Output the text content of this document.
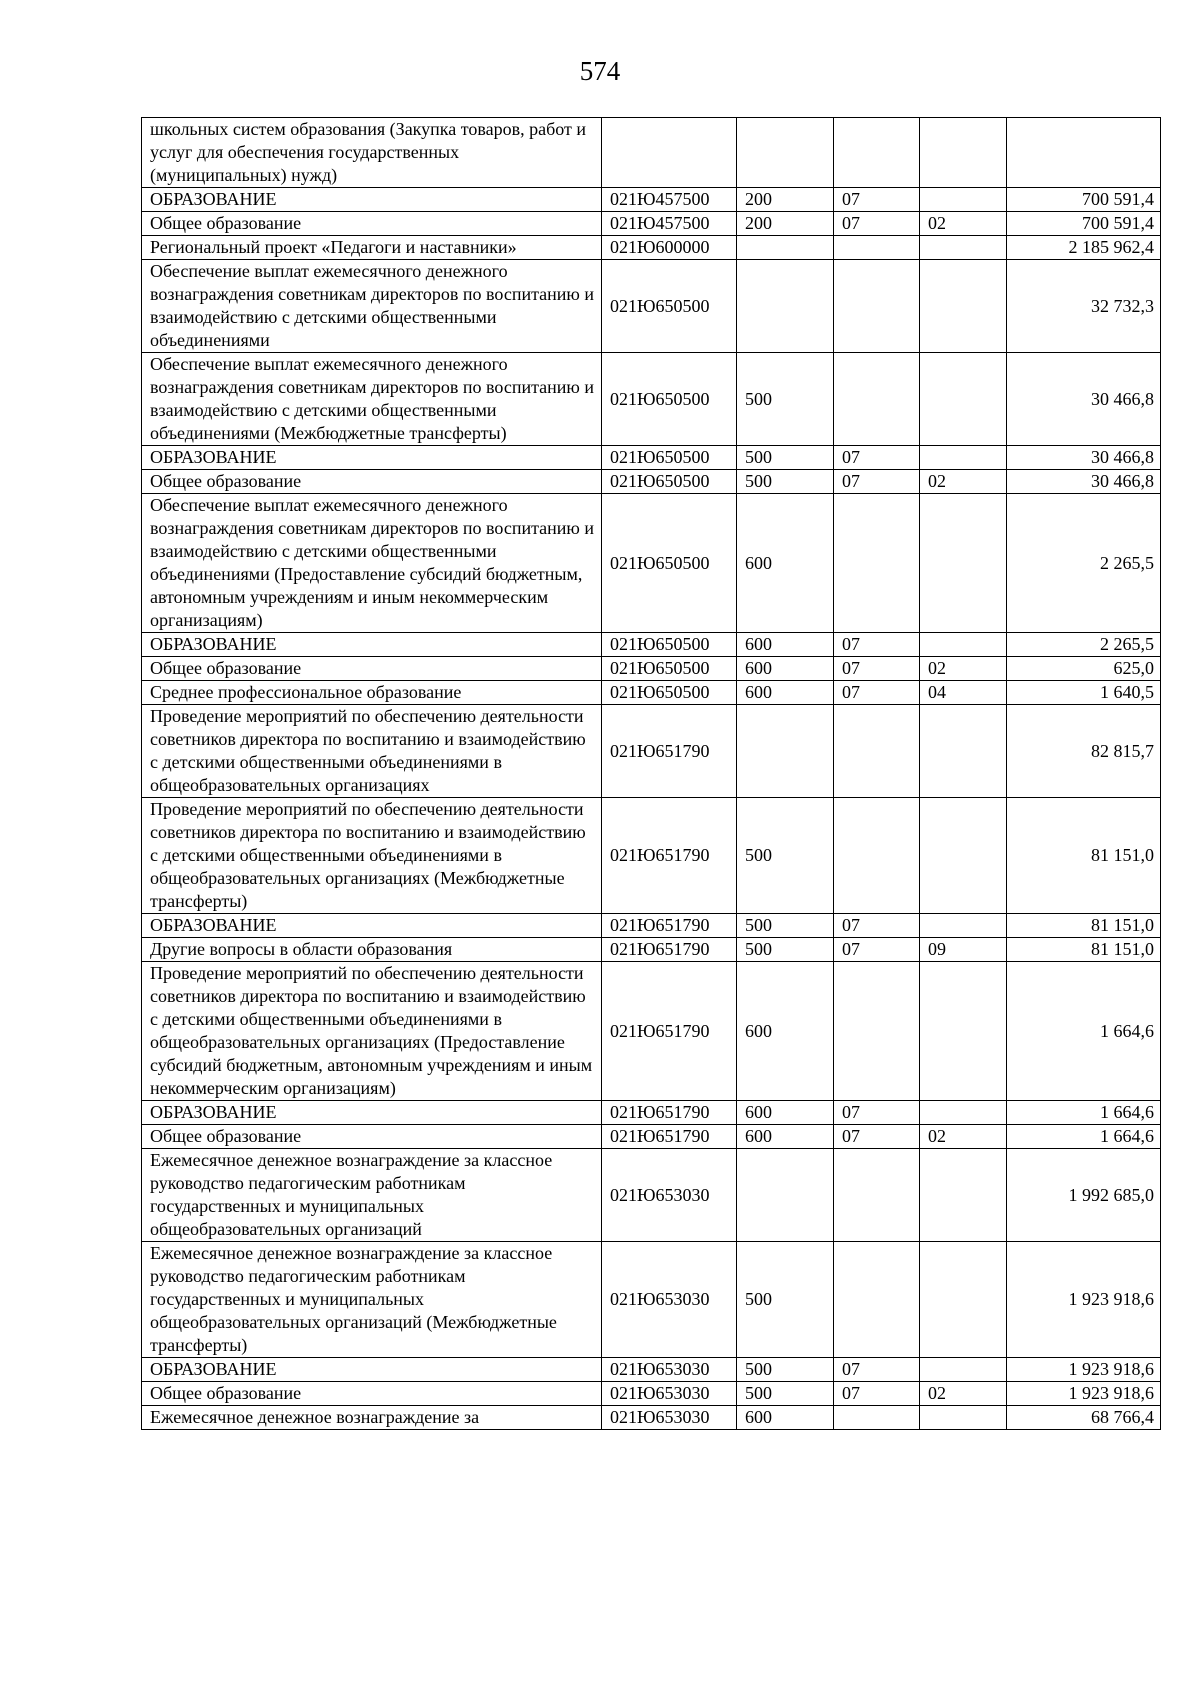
574
школьных систем образования (Закупка товаров, работ и услуг для обеспечения государственных (муниципальных) нужд)					
ОБРАЗОВАНИЕ	021Ю457500	200	07		700 591,4
Общее образование	021Ю457500	200	07	02	700 591,4
Региональный проект «Педагоги и наставники»	021Ю600000				2 185 962,4
Обеспечение выплат ежемесячного денежного вознаграждения советникам директоров по воспитанию и взаимодействию с детскими общественными объединениями	021Ю650500				32 732,3
Обеспечение выплат ежемесячного денежного вознаграждения советникам директоров по воспитанию и взаимодействию с детскими общественными объединениями (Межбюджетные трансферты)	021Ю650500	500			30 466,8
ОБРАЗОВАНИЕ	021Ю650500	500	07		30 466,8
Общее образование	021Ю650500	500	07	02	30 466,8
Обеспечение выплат ежемесячного денежного вознаграждения советникам директоров по воспитанию и взаимодействию с детскими общественными объединениями (Предоставление субсидий бюджетным, автономным учреждениям и иным некоммерческим организациям)	021Ю650500	600			2 265,5
ОБРАЗОВАНИЕ	021Ю650500	600	07		2 265,5
Общее образование	021Ю650500	600	07	02	625,0
Среднее профессиональное образование	021Ю650500	600	07	04	1 640,5
Проведение мероприятий по обеспечению деятельности советников директора по воспитанию и взаимодействию с детскими общественными объединениями в общеобразовательных организациях	021Ю651790				82 815,7
Проведение мероприятий по обеспечению деятельности советников директора по воспитанию и взаимодействию с детскими общественными объединениями в общеобразовательных организациях (Межбюджетные трансферты)	021Ю651790	500			81 151,0
ОБРАЗОВАНИЕ	021Ю651790	500	07		81 151,0
Другие вопросы в области образования	021Ю651790	500	07	09	81 151,0
Проведение мероприятий по обеспечению деятельности советников директора по воспитанию и взаимодействию с детскими общественными объединениями в общеобразовательных организациях (Предоставление субсидий бюджетным, автономным учреждениям и иным некоммерческим организациям)	021Ю651790	600			1 664,6
ОБРАЗОВАНИЕ	021Ю651790	600	07		1 664,6
Общее образование	021Ю651790	600	07	02	1 664,6
Ежемесячное денежное вознаграждение за классное руководство педагогическим работникам государственных и муниципальных общеобразовательных организаций	021Ю653030				1 992 685,0
Ежемесячное денежное вознаграждение за классное руководство педагогическим работникам государственных и муниципальных общеобразовательных организаций (Межбюджетные трансферты)	021Ю653030	500			1 923 918,6
ОБРАЗОВАНИЕ	021Ю653030	500	07		1 923 918,6
Общее образование	021Ю653030	500	07	02	1 923 918,6
Ежемесячное денежное вознаграждение за	021Ю653030	600			68 766,4
